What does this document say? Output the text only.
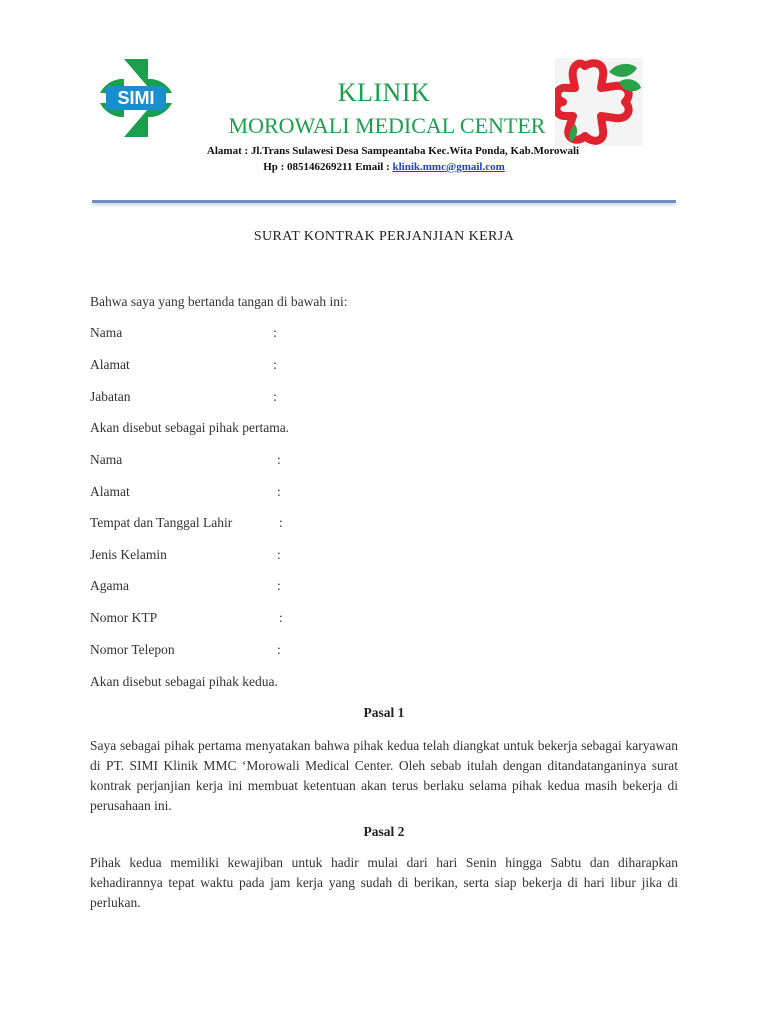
SIMI	KLINIK
MOROWALI MEDICAL CENTER
Alamat : Jl.Trans Sulawesi Desa Sampeantaba Kec.Wita Ponda, Kab.Morowali
Hp : 085146269211 Email : klinik.mmc@gmail.com
SURAT KONTRAK PERJANJIAN KERJA
Bahwa saya yang bertanda tangan di bawah ini:
Nama	:
Alamat	:
Jabatan	:
Akan disebut sebagai pihak pertama.
Nama	:
Alamat	:
Tempat dan Tanggal Lahir	:
Jenis Kelamin	:
Agama	:
Nomor KTP	:
Nomor Telepon	:
Akan disebut sebagai pihak kedua.
Pasal 1
Saya sebagai pihak pertama menyatakan bahwa pihak kedua telah diangkat untuk bekerja sebagai karyawan di PT. SIMI Klinik MMC ‘Morowali Medical Center. Oleh sebab itulah dengan ditandatanganinya surat kontrak perjanjian kerja ini membuat ketentuan akan terus berlaku selama pihak kedua masih bekerja di perusahaan ini.
Pasal 2
Pihak kedua memiliki kewajiban untuk hadir mulai dari hari Senin hingga Sabtu dan diharapkan kehadirannya tepat waktu pada jam kerja yang sudah di berikan, serta siap bekerja di hari libur jika di perlukan.
